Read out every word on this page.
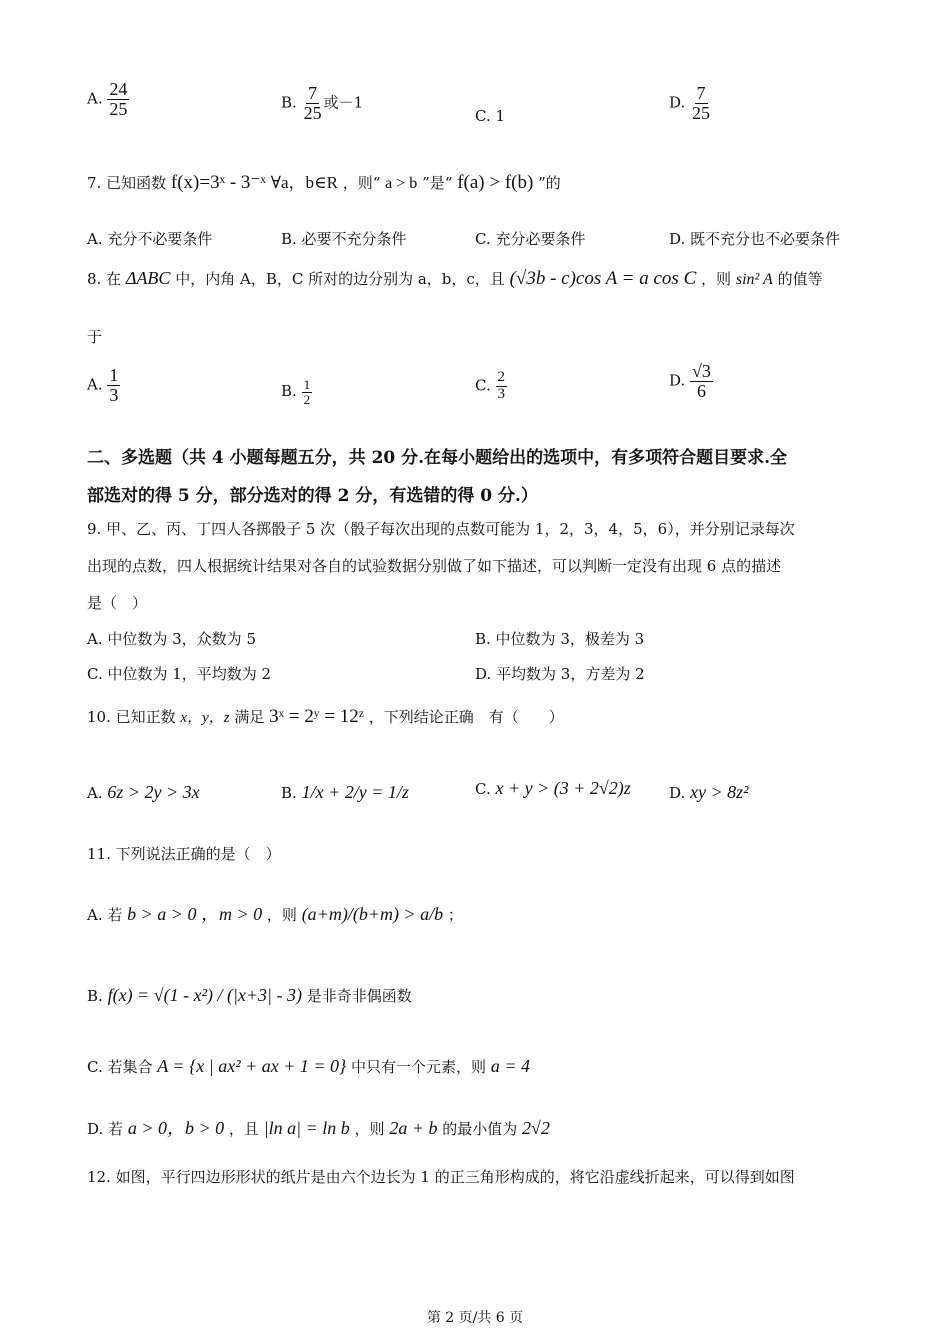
A. $\frac{24}{25}$	B. $\frac{7}{25}$ 或－1
C. 1
D. $\frac{7}{25}$
7. 已知函数 f(x)=3ˣ - 3⁻ˣ ∀a，b∈R ，则“ a > b ”是“ f(a) > f(b) ”的
A. 充分不必要条件	B. 必要不充分条件	C. 充分必要条件	D. 既不充分也不必要条件
8. 在 ΔABC 中，内角 A，B，C 所对的边分别为 a，b，c，且 (√3b - c)cos A = a cos C ，则 sin² A 的值等
于
A. $\frac{1}{3}$	B. $\frac{1}{2}$	C. $\frac{2}{3}$	D. $\frac{√3}{6}$
二、多选题（共 4 小题每题五分，共 20 分.在每小题给出的选项中，有多项符合题目要求.全
部选对的得 5 分，部分选对的得 2 分，有选错的得 0 分.）
9. 甲、乙、丙、丁四人各掷骰子 5 次（骰子每次出现的点数可能为 1，2，3，4，5，6），并分别记录每次
出现的点数，四人根据统计结果对各自的试验数据分别做了如下描述，可以判断一定没有出现 6 点的描述
是（　）
A. 中位数为 3，众数为 5	B. 中位数为 3，极差为 3
C. 中位数为 1，平均数为 2	D. 平均数为 3，方差为 2
10. 已知正数 x，y，z 满足 3ˣ = 2ʸ = 12ᶻ ，下列结论正确　有（　　）
A. 6z > 2y > 3x	B. 1/x + 2/y = 1/z	C. x + y > (3 + 2√2)z	D. xy > 8z²
11. 下列说法正确的是（　）
A. 若 b > a > 0 ，m > 0 ，则 (a+m)/(b+m) > a/b ；
B. f(x) = √(1 - x²) / (|x+3| - 3) 是非奇非偶函数
C. 若集合 A = {x | ax² + ax + 1 = 0} 中只有一个元素，则 a = 4
D. 若 a > 0，b > 0 ，且 |ln a| = ln b ，则 2a + b 的最小值为 2√2
12. 如图，平行四边形形状的纸片是由六个边长为 1 的正三角形构成的，将它沿虚线折起来，可以得到如图
第 2 页/共 6 页
